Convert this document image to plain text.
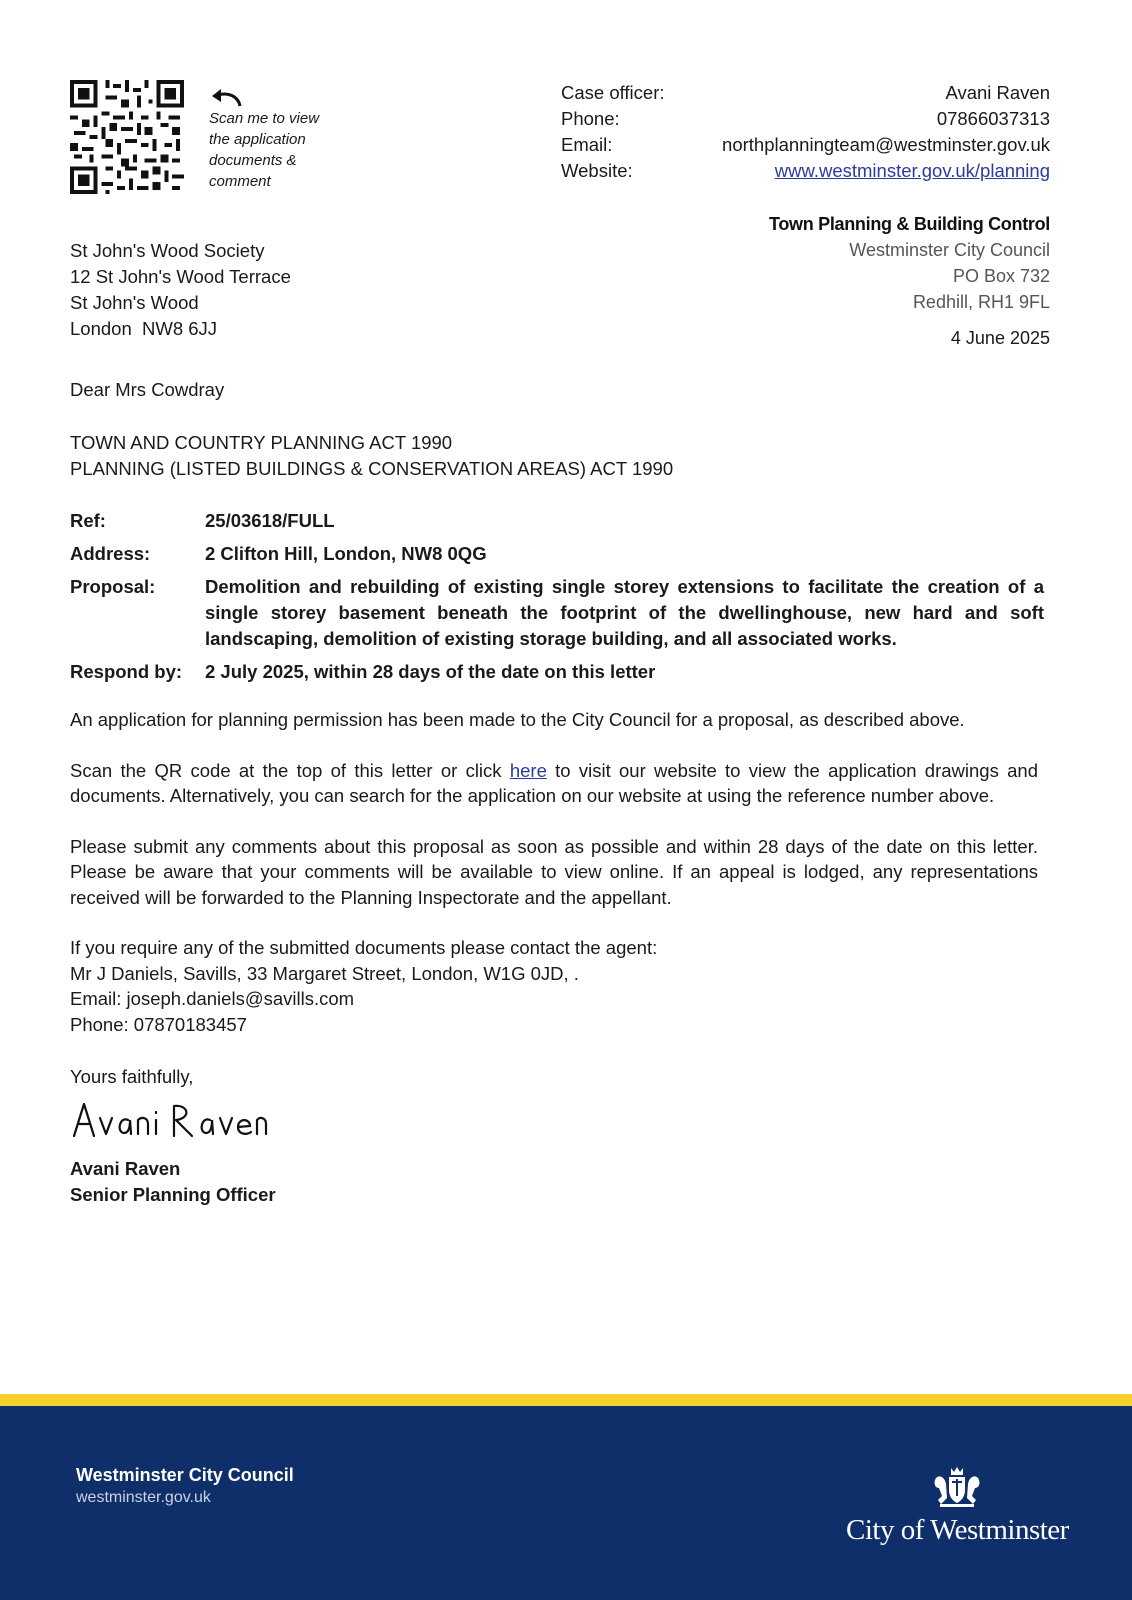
Scan me to view the application documents & comment
Case officer:	Avani Raven
Phone:	07866037313
Email:	northplanningteam@westminster.gov.uk
Website:	www.westminster.gov.uk/planning
Town Planning & Building Control
Westminster City Council
PO Box 732
Redhill, RH1 9FL
4 June 2025
St John's Wood Society
12 St John's Wood Terrace
St John's Wood
London  NW8 6JJ
Dear Mrs Cowdray
TOWN AND COUNTRY PLANNING ACT 1990
PLANNING (LISTED BUILDINGS & CONSERVATION AREAS) ACT 1990
Ref:	25/03618/FULL
Address:	2 Clifton Hill, London, NW8 0QG
Proposal:	Demolition and rebuilding of existing single storey extensions to facilitate the creation of a single storey basement beneath the footprint of the dwellinghouse, new hard and soft landscaping, demolition of existing storage building, and all associated works.
Respond by:	2 July 2025, within 28 days of the date on this letter

An application for planning permission has been made to the City Council for a proposal, as described above.

Scan the QR code at the top of this letter or click here to visit our website to view the application drawings and documents. Alternatively, you can search for the application on our website at using the reference number above.

Please submit any comments about this proposal as soon as possible and within 28 days of the date on this letter. Please be aware that your comments will be available to view online. If an appeal is lodged, any representations received will be forwarded to the Planning Inspectorate and the appellant.

If you require any of the submitted documents please contact the agent:
Mr J Daniels, Savills, 33 Margaret Street, London, W1G 0JD, .
Email: joseph.daniels@savills.com
Phone: 07870183457
Yours faithfully,
Avani Raven
Senior Planning Officer
Westminster City Council
westminster.gov.uk
City of Westminster
